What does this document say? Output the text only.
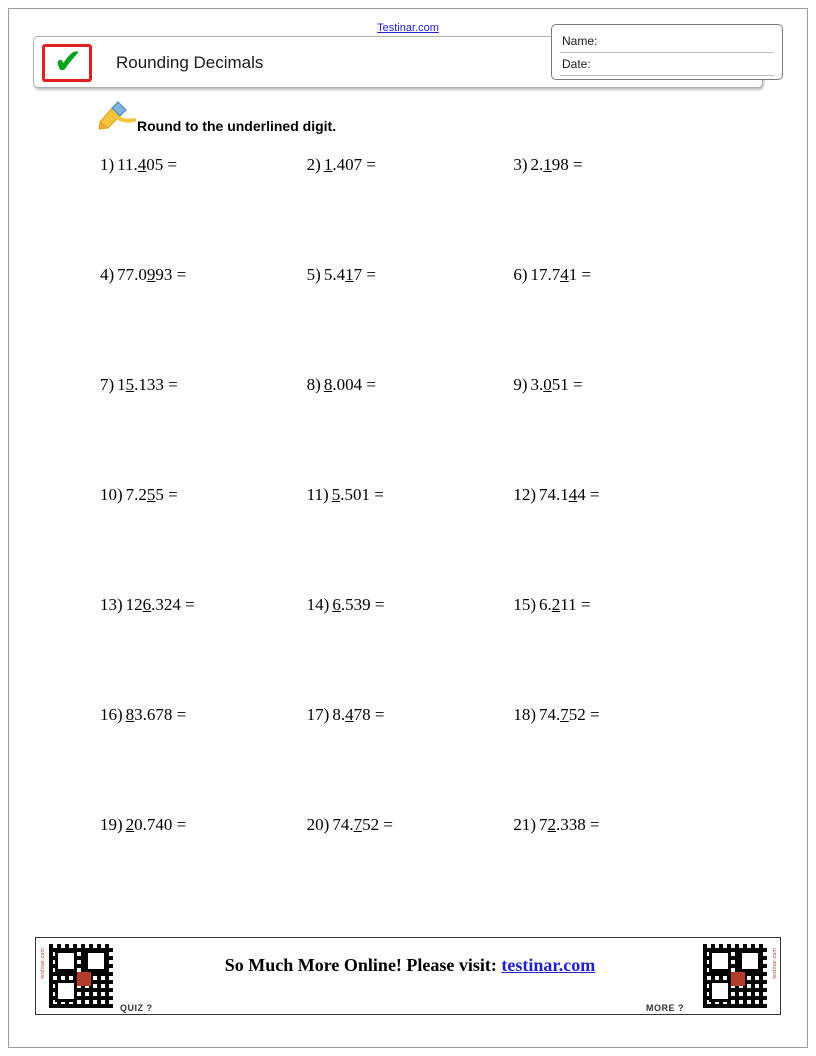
Testinar.com
✔	Rounding Decimals
Name:
Date:
Round to the underlined digit.
1) 11.405 =	2) 1.407 =	3) 2.198 =
4) 77.0993 =	5) 5.417 =	6) 17.741 =
7) 15.133 =	8) 8.004 =	9) 3.051 =
10) 7.255 =	11) 5.501 =	12) 74.144 =
13) 126.324 =	14) 6.539 =	15) 6.211 =
16) 83.678 =	17) 8.478 =	18) 74.752 =
19) 20.740 =	20) 74.752 =	21) 72.338 =
testinar.com
QUIZ ?
So Much More Online! Please visit: testinar.com	testinar.com
MORE ?
